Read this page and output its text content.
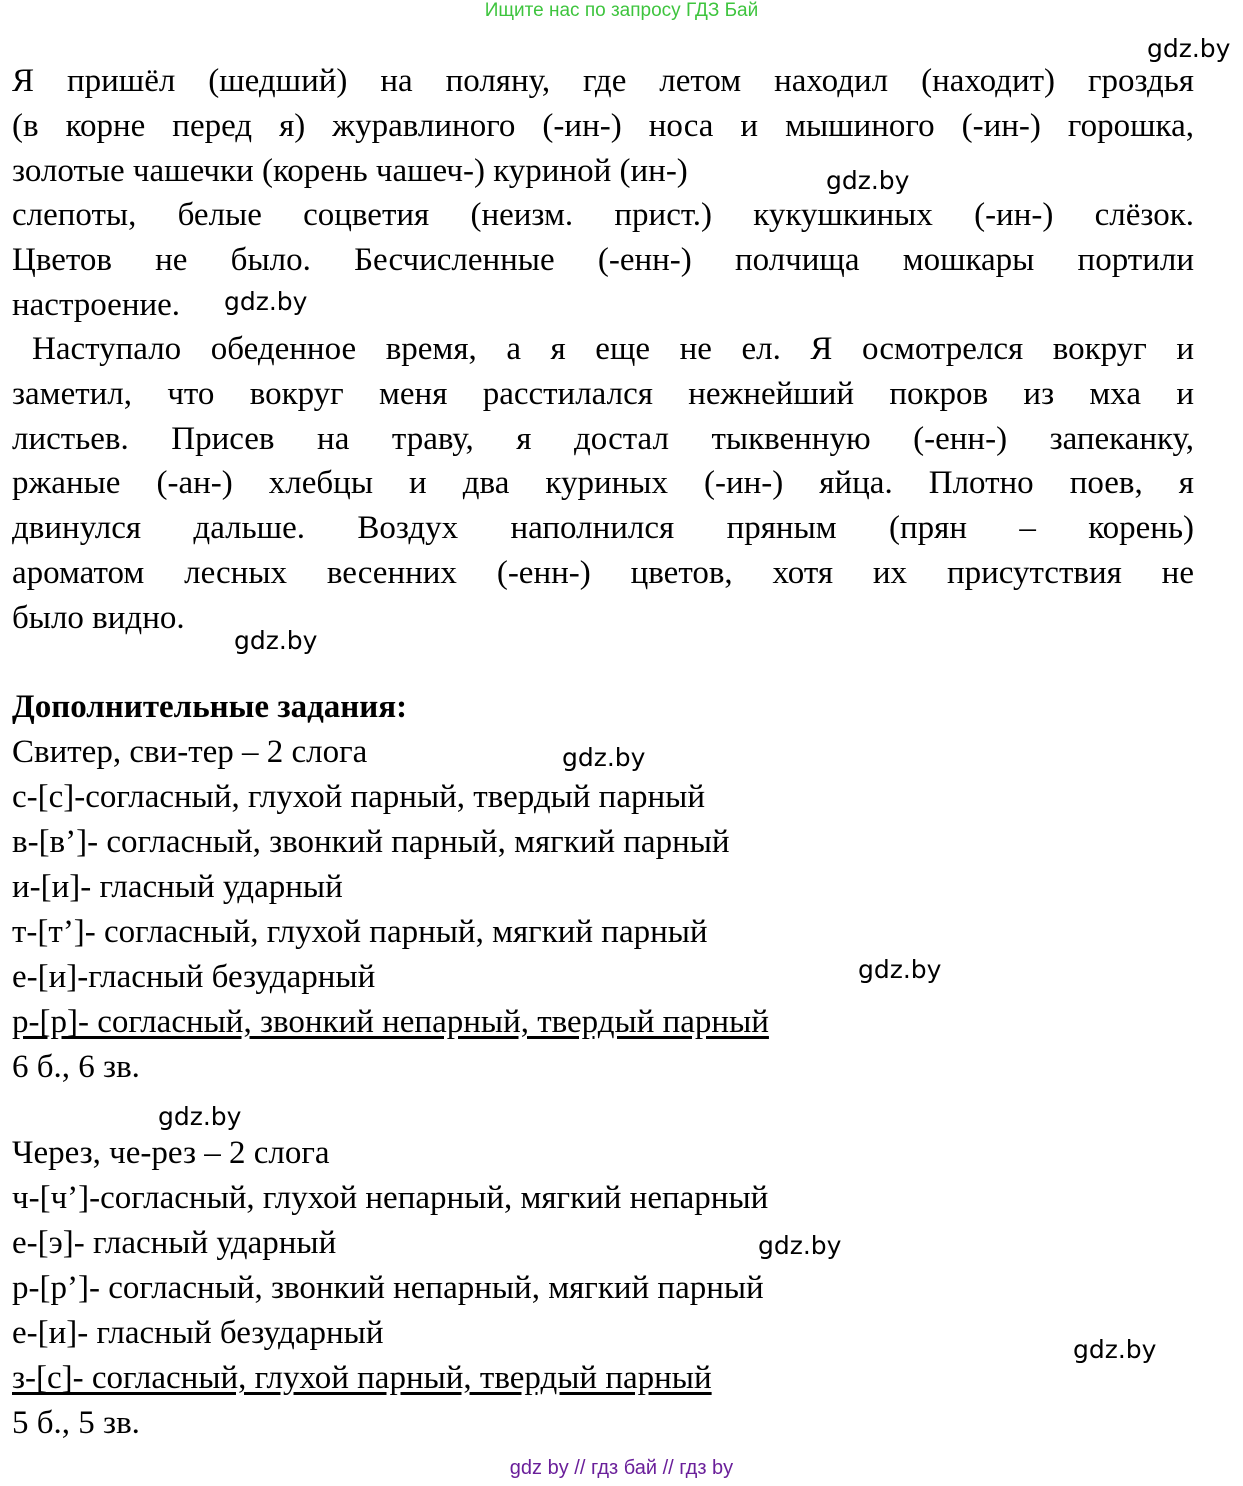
Ищите нас по запросу ГДЗ Бай
gdz.by
gdz.by
gdz.by
gdz.by
gdz.by
gdz.by
gdz.by
gdz.by
gdz.by
Я пришёл (шедший) на поляну, где летом находил (находит) гроздья
(в корне перед я) журавлиного (-ин-) носа и мышиного (-ин-) горошка,
золотые чашечки (корень чашеч-) куриной (ин-)
слепоты, белые соцветия (неизм. прист.) кукушкиных (-ин-) слёзок.
Цветов не было. Бесчисленные (-енн-) полчища мошкары портили
настроение.
Наступало обеденное время, а я еще не ел. Я осмотрелся вокруг и
заметил, что вокруг меня расстилался нежнейший покров из мха и
листьев. Присев на траву, я достал тыквенную (-енн-) запеканку,
ржаные (-ан-) хлебцы и два куриных (-ин-) яйца. Плотно поев, я
двинулся дальше. Воздух наполнился пряным (прян – корень)
ароматом лесных весенних (-енн-) цветов, хотя их присутствия не
было видно.
Дополнительные задания:
Свитер, сви-тер – 2 слога
с-[с]-согласный, глухой парный, твердый парный
в-[в’]- согласный, звонкий парный, мягкий парный
и-[и]- гласный ударный
т-[т’]- согласный, глухой парный, мягкий парный
е-[и]-гласный безударный
р-[р]- согласный, звонкий непарный, твердый парный
6 б., 6 зв.
Через, че-рез – 2 слога
ч-[ч’]-согласный, глухой непарный, мягкий непарный
е-[э]- гласный ударный
р-[р’]- согласный, звонкий непарный, мягкий парный
е-[и]- гласный безударный
з-[с]- согласный, глухой парный, твердый парный
5 б., 5 зв.
gdz by // гдз бай // гдз by
